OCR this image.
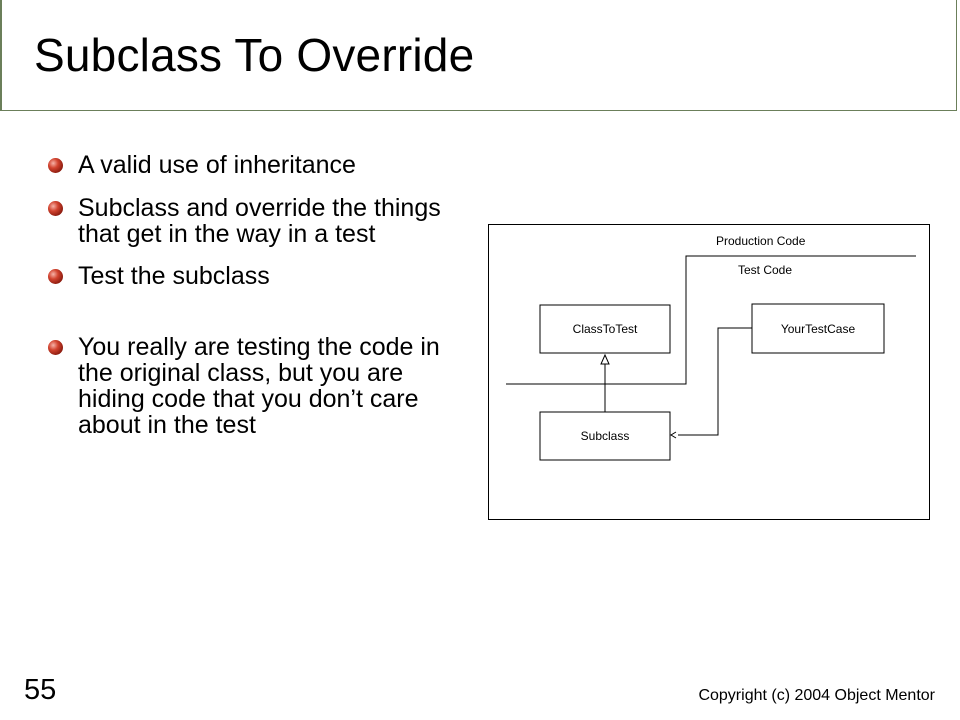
Subclass To Override
A valid use of inheritance
Subclass and override the things that get in the way in a test
Test the subclass
You really are testing the code in the original class, but you are hiding code that you don’t care about in the test
Production Code
Test Code
ClassToTest	YourTestCase
Subclass
55	Copyright (c) 2004 Object Mentor
